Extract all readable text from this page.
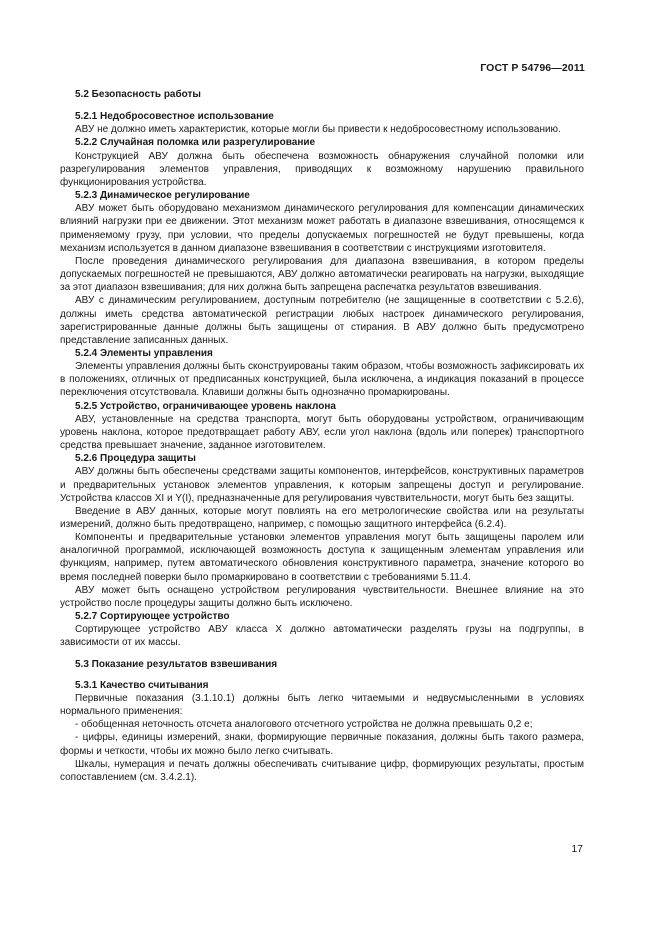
ГОСТ Р 54796—2011

5.2 Безопасность работы

5.2.1 Недобросовестное использование

АВУ не должно иметь характеристик, которые могли бы привести к недобросовестному использованию.

5.2.2 Случайная поломка или разрегулирование

Конструкцией АВУ должна быть обеспечена возможность обнаружения случайной поломки или разрегулирования элементов управления, приводящих к возможному нарушению правильного функционирования устройства.

5.2.3 Динамическое регулирование

АВУ может быть оборудовано механизмом динамического регулирования для компенсации динамических влияний нагрузки при ее движении. Этот механизм может работать в диапазоне взвешивания, относящемся к применяемому грузу, при условии, что пределы допускаемых погрешностей не будут превышены, когда механизм используется в данном диапазоне взвешивания в соответствии с инструкциями изготовителя.

После проведения динамического регулирования для диапазона взвешивания, в котором пределы допускаемых погрешностей не превышаются, АВУ должно автоматически реагировать на нагрузки, выходящие за этот диапазон взвешивания; для них должна быть запрещена распечатка результатов взвешивания.

АВУ с динамическим регулированием, доступным потребителю (не защищенные в соответствии с 5.2.6), должны иметь средства автоматической регистрации любых настроек динамического регулирования, зарегистрированные данные должны быть защищены от стирания. В АВУ должно быть предусмотрено представление записанных данных.

5.2.4 Элементы управления

Элементы управления должны быть сконструированы таким образом, чтобы возможность зафиксировать их в положениях, отличных от предписанных конструкцией, была исключена, а индикация показаний в процессе переключения отсутствовала. Клавиши должны быть однозначно промаркированы.

5.2.5 Устройство, ограничивающее уровень наклона

АВУ, установленные на средства транспорта, могут быть оборудованы устройством, ограничивающим уровень наклона, которое предотвращает работу АВУ, если угол наклона (вдоль или поперек) транспортного средства превышает значение, заданное изготовителем.

5.2.6 Процедура защиты

АВУ должны быть обеспечены средствами защиты компонентов, интерфейсов, конструктивных параметров и предварительных установок элементов управления, к которым запрещены доступ и регулирование. Устройства классов XI и Y(I), предназначенные для регулирования чувствительности, могут быть без защиты.

Введение в АВУ данных, которые могут повлиять на его метрологические свойства или на результаты измерений, должно быть предотвращено, например, с помощью защитного интерфейса (6.2.4).

Компоненты и предварительные установки элементов управления могут быть защищены паролем или аналогичной программой, исключающей возможность доступа к защищенным элементам управления или функциям, например, путем автоматического обновления конструктивного параметра, значение которого во время последней поверки было промаркировано в соответствии с требованиями 5.11.4.

АВУ может быть оснащено устройством регулирования чувствительности. Внешнее влияние на это устройство после процедуры защиты должно быть исключено.

5.2.7 Сортирующее устройство

Сортирующее устройство АВУ класса X должно автоматически разделять грузы на подгруппы, в зависимости от их массы.

5.3 Показание результатов взвешивания

5.3.1 Качество считывания

Первичные показания (3.1.10.1) должны быть легко читаемыми и недвусмысленными в условиях нормального применения:

- обобщенная неточность отсчета аналогового отсчетного устройства не должна превышать 0,2 e;

- цифры, единицы измерений, знаки, формирующие первичные показания, должны быть такого размера, формы и четкости, чтобы их можно было легко считывать.

Шкалы, нумерация и печать должны обеспечивать считывание цифр, формирующих результаты, простым сопоставлением (см. 3.4.2.1).

17
